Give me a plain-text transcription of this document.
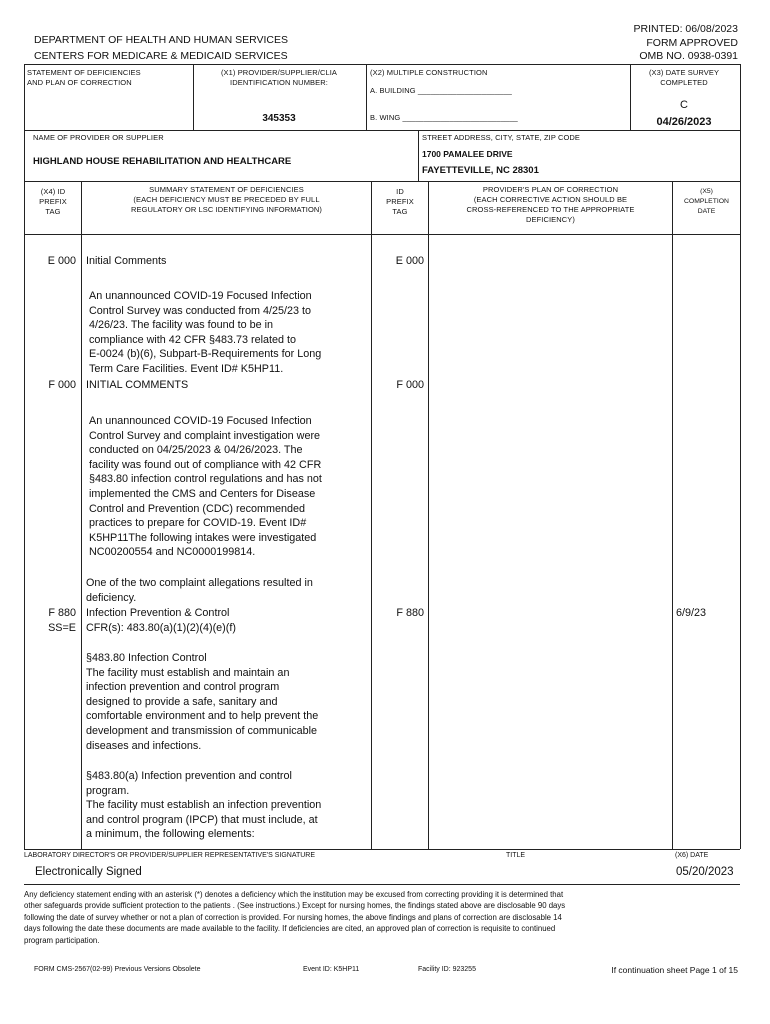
DEPARTMENT OF HEALTH AND HUMAN SERVICES
CENTERS FOR MEDICARE & MEDICAID SERVICES
PRINTED: 06/08/2023
FORM APPROVED
OMB NO. 0938-0391
STATEMENT OF DEFICIENCIES
AND PLAN OF CORRECTION
(X1) PROVIDER/SUPPLIER/CLIA
IDENTIFICATION NUMBER:
345353
(X2) MULTIPLE CONSTRUCTION
A. BUILDING ______________________
B. WING ___________________________
(X3) DATE SURVEY
COMPLETED
C
04/26/2023
NAME OF PROVIDER OR SUPPLIER
HIGHLAND HOUSE REHABILITATION AND HEALTHCARE
STREET ADDRESS, CITY, STATE, ZIP CODE
1700 PAMALEE DRIVE
FAYETTEVILLE, NC 28301
(X4) ID
PREFIX
TAG
SUMMARY STATEMENT OF DEFICIENCIES
(EACH DEFICIENCY MUST BE PRECEDED BY FULL
REGULATORY OR LSC IDENTIFYING INFORMATION)
ID
PREFIX
TAG
PROVIDER'S PLAN OF CORRECTION
(EACH CORRECTIVE ACTION SHOULD BE
CROSS-REFERENCED TO THE APPROPRIATE
DEFICIENCY)
(X5)
COMPLETION
DATE
E 000 Initial Comments	E 000
An unannounced COVID-19 Focused Infection
Control Survey was conducted from 4/25/23 to
4/26/23. The facility was found to be in
compliance with 42 CFR §483.73 related to
E-0024 (b)(6), Subpart-B-Requirements for Long
Term Care Facilities. Event ID# K5HP11.
F 000 INITIAL COMMENTS	F 000
An unannounced COVID-19 Focused Infection
Control Survey and complaint investigation were
conducted on 04/25/2023 & 04/26/2023. The
facility was found out of compliance with 42 CFR
§483.80 infection control regulations and has not
implemented the CMS and Centers for Disease
Control and Prevention (CDC) recommended
practices to prepare for COVID-19. Event ID#
K5HP11The following intakes were investigated
NC00200554 and NC0000199814.
One of the two complaint allegations resulted in
deficiency.
F 880
SS=E
Infection Prevention & Control
CFR(s): 483.80(a)(1)(2)(4)(e)(f)
F 880	6/9/23
§483.80 Infection Control
The facility must establish and maintain an
infection prevention and control program
designed to provide a safe, sanitary and
comfortable environment and to help prevent the
development and transmission of communicable
diseases and infections.
§483.80(a) Infection prevention and control
program.
The facility must establish an infection prevention
and control program (IPCP) that must include, at
a minimum, the following elements:
LABORATORY DIRECTOR'S OR PROVIDER/SUPPLIER REPRESENTATIVE'S SIGNATURE
Electronically Signed
TITLE	(X6) DATE
05/20/2023
Any deficiency statement ending with an asterisk (*) denotes a deficiency which the institution may be excused from correcting providing it is determined that
other safeguards provide sufficient protection to the patients . (See instructions.) Except for nursing homes, the findings stated above are disclosable 90 days
following the date of survey whether or not a plan of correction is provided. For nursing homes, the above findings and plans of correction are disclosable 14
days following the date these documents are made available to the facility. If deficiencies are cited, an approved plan of correction is requisite to continued
program participation.
FORM CMS-2567(02-99) Previous Versions Obsolete	Event ID: K5HP11	Facility ID: 923255	If continuation sheet Page 1 of 15
